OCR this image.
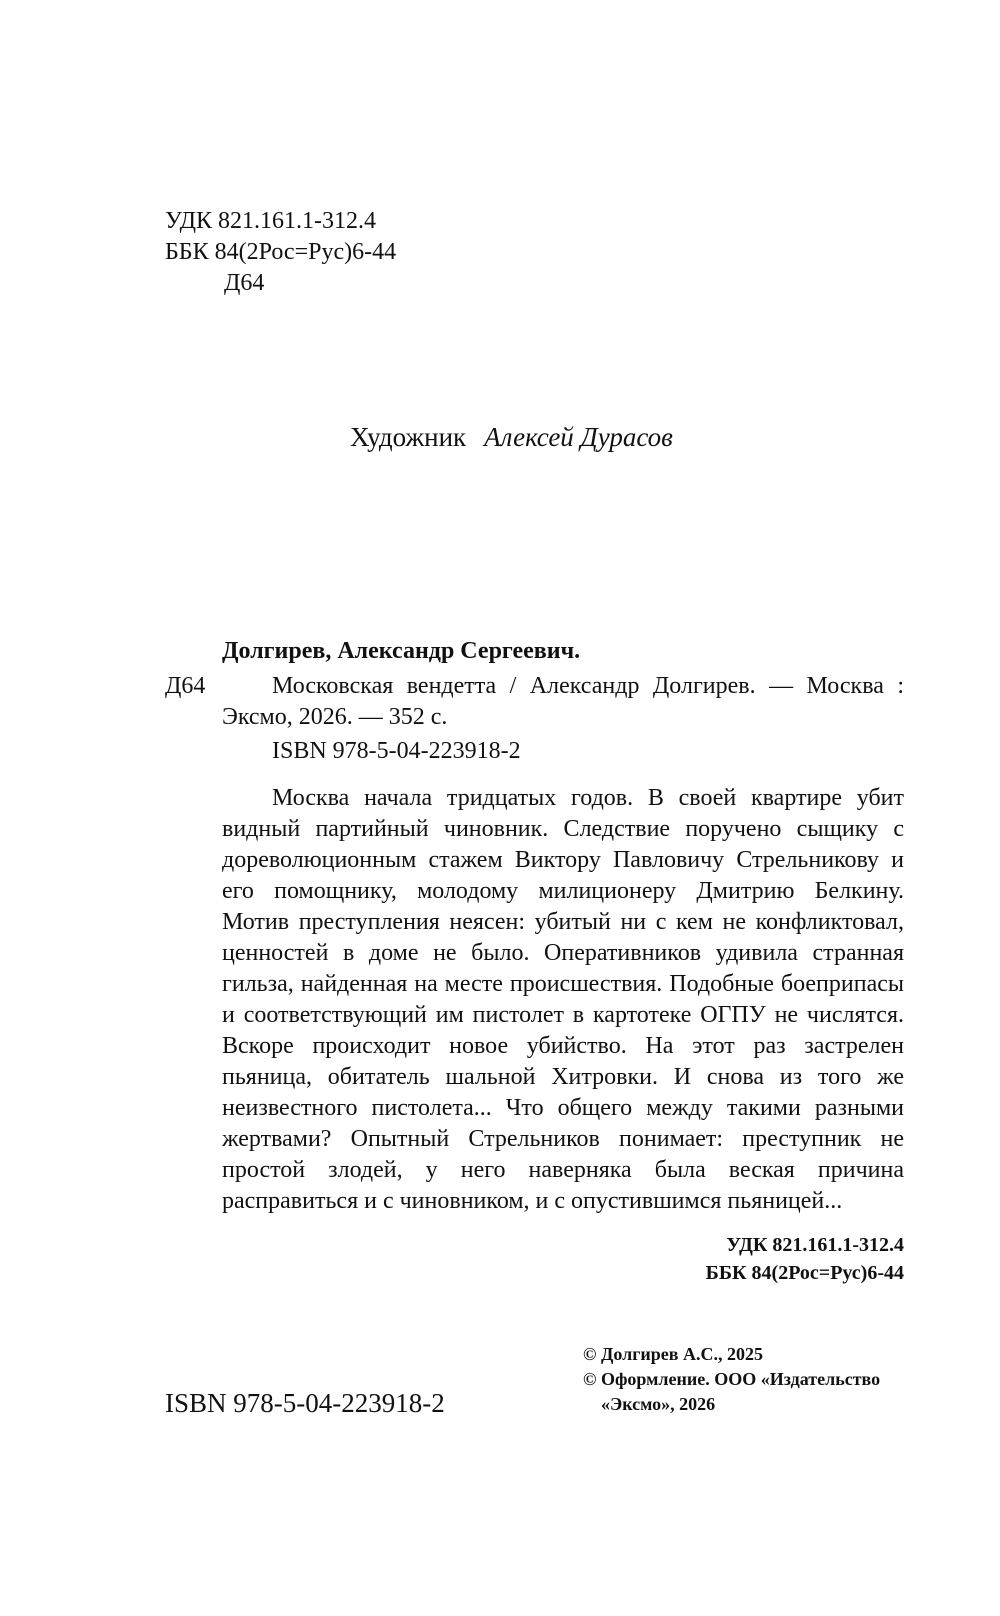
УДК 821.161.1-312.4
ББК 84(2Рос=Рус)6-44
Д64
Художник Алексей Дурасов
Долгирев, Александр Сергеевич.
Д64	Московская вендетта / Александр Долгирев. — Москва : Эксмо, 2026. — 352 с.

ISBN 978-5-04-223918-2

Москва начала тридцатых годов. В своей квартире убит видный партийный чиновник. Следствие поручено сыщику с дореволюционным стажем Виктору Павловичу Стрельникову и его помощнику, молодому милиционеру Дмитрию Белкину. Мотив преступления неясен: убитый ни с кем не конфликтовал, ценностей в доме не было. Оперативников удивила странная гильза, найденная на месте происшествия. Подобные боеприпасы и соответствующий им пистолет в картотеке ОГПУ не числятся. Вскоре происходит новое убийство. На этот раз застрелен пьяница, обитатель шальной Хитровки. И снова из того же неизвестного пистолета... Что общего между такими разными жертвами? Опытный Стрельников понимает: преступник не простой злодей, у него наверняка была веская причина расправиться и с чиновником, и с опустившимся пьяницей...

УДК 821.161.1-312.4
ББК 84(2Рос=Рус)6-44
ISBN 978-5-04-223918-2
© Долгирев А.С., 2025
© Оформление. ООО «Издательство
«Эксмо», 2026
